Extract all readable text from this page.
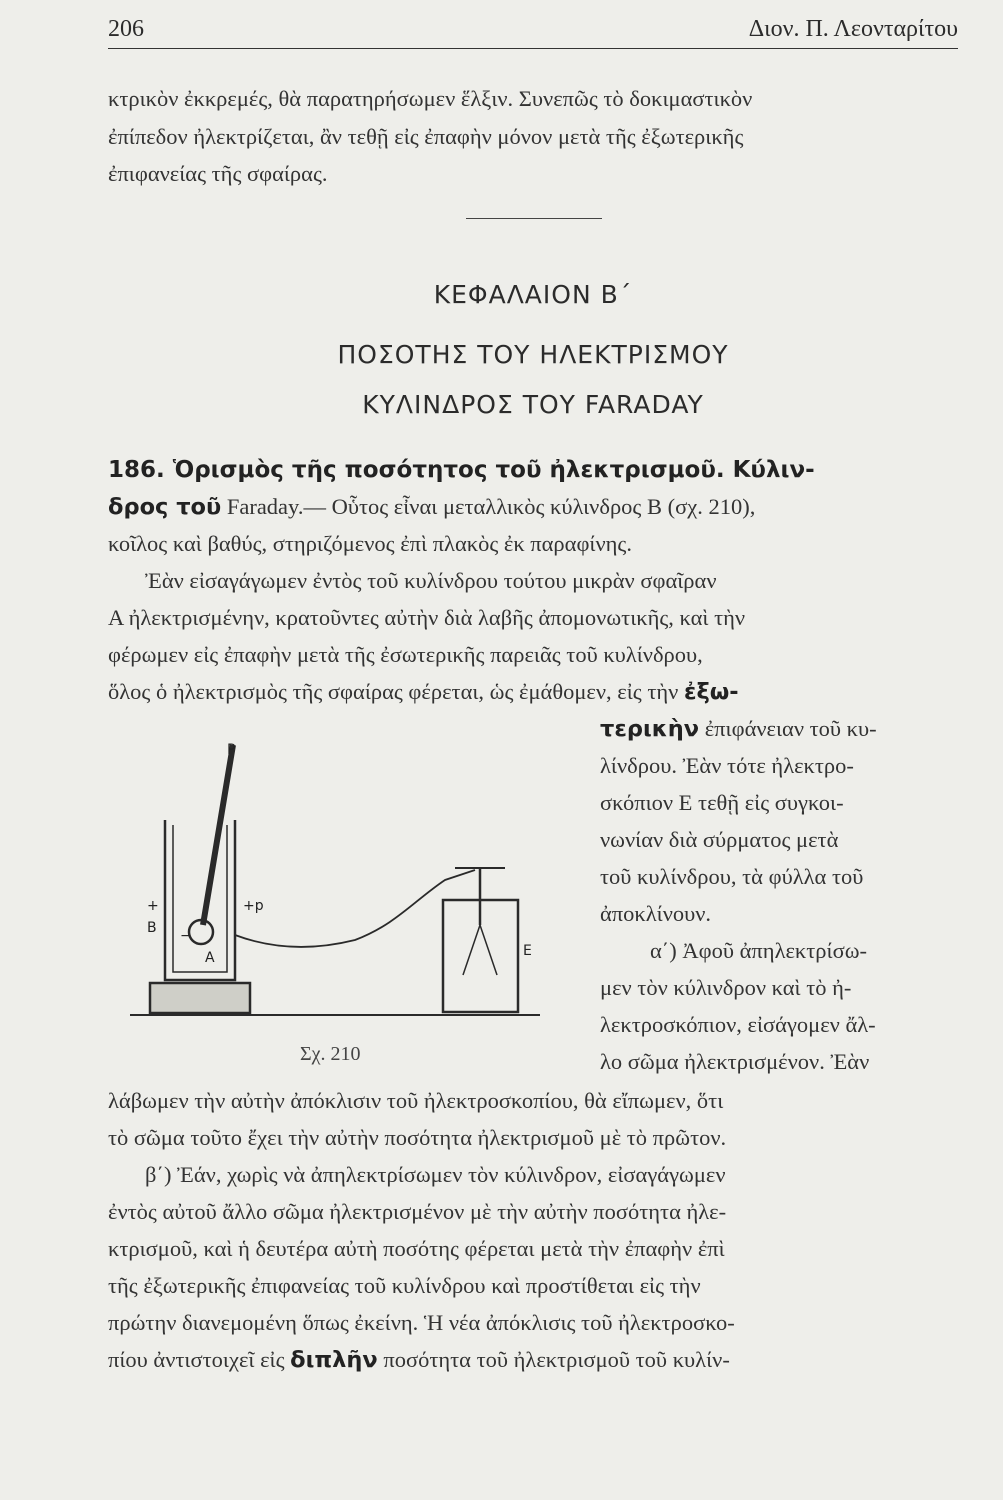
206	Διον. Π. Λεονταρίτου
κτρικὸν ἐκκρεμές, θὰ παρατηρήσωμεν ἕλξιν. Συνεπῶς τὸ δοκιμαστικὸν
ἐπίπεδον ἠλεκτρίζεται, ἂν τεθῇ εἰς ἐπαφὴν μόνον μετὰ τῆς ἐξωτερικῆς
ἐπιφανείας τῆς σφαίρας.
ΚΕΦΑΛΑΙΟΝ Β΄
ΠΟΣΟΤΗΣ ΤΟΥ ΗΛΕΚΤΡΙΣΜΟΥ
ΚΥΛΙΝΔΡΟΣ ΤΟΥ FARADAY
186. Ὁρισμὸς τῆς ποσότητος τοῦ ἠλεκτρισμοῦ. Κύλιν-
δρος τοῦ Faraday.— Οὗτος εἶναι μεταλλικὸς κύλινδρος Β (σχ. 210),
κοῖλος καὶ βαθύς, στηριζόμενος ἐπὶ πλακὸς ἐκ παραφίνης.
Ἐὰν εἰσαγάγωμεν ἐντὸς τοῦ κυλίνδρου τούτου μικρὰν σφαῖραν
Α ἠλεκτρισμένην, κρατοῦντες αὐτὴν διὰ λαβῆς ἀπομονωτικῆς, καὶ τὴν
φέρωμεν εἰς ἐπαφὴν μετὰ τῆς ἐσωτερικῆς παρειᾶς τοῦ κυλίνδρου,
ὅλος ὁ ἠλεκτρισμὸς τῆς σφαίρας φέρεται, ὡς ἐμάθομεν, εἰς τὴν ἐξω-
τερικὴν ἐπιφάνειαν τοῦ κυ-
λίνδρου. Ἐὰν τότε ἠλεκτρο-
σκόπιον Ε τεθῇ εἰς συγκοι-
νωνίαν διὰ σύρματος μετὰ
τοῦ κυλίνδρου, τὰ φύλλα τοῦ
ἀποκλίνουν.
α΄) Ἀφοῦ ἀπηλεκτρίσω-
μεν τὸν κύλινδρον καὶ τὸ ἠ-
λεκτροσκόπιον, εἰσάγομεν ἄλ-
λο σῶμα ἠλεκτρισμένον. Ἐὰν
P
B
A	E
+
−
+p
Σχ. 210
λάβωμεν τὴν αὐτὴν ἀπόκλισιν τοῦ ἠλεκτροσκοπίου, θὰ εἴπωμεν, ὅτι
τὸ σῶμα τοῦτο ἔχει τὴν αὐτὴν ποσότητα ἠλεκτρισμοῦ μὲ τὸ πρῶτον.
β΄) Ἐάν, χωρὶς νὰ ἀπηλεκτρίσωμεν τὸν κύλινδρον, εἰσαγάγωμεν
ἐντὸς αὐτοῦ ἄλλο σῶμα ἠλεκτρισμένον μὲ τὴν αὐτὴν ποσότητα ἠλε-
κτρισμοῦ, καὶ ἡ δευτέρα αὐτὴ ποσότης φέρεται μετὰ τὴν ἐπαφὴν ἐπὶ
τῆς ἐξωτερικῆς ἐπιφανείας τοῦ κυλίνδρου καὶ προστίθεται εἰς τὴν
πρώτην διανεμομένη ὅπως ἐκείνη. Ἡ νέα ἀπόκλισις τοῦ ἠλεκτροσκο-
πίου ἀντιστοιχεῖ εἰς διπλῆν ποσότητα τοῦ ἠλεκτρισμοῦ τοῦ κυλίν-
